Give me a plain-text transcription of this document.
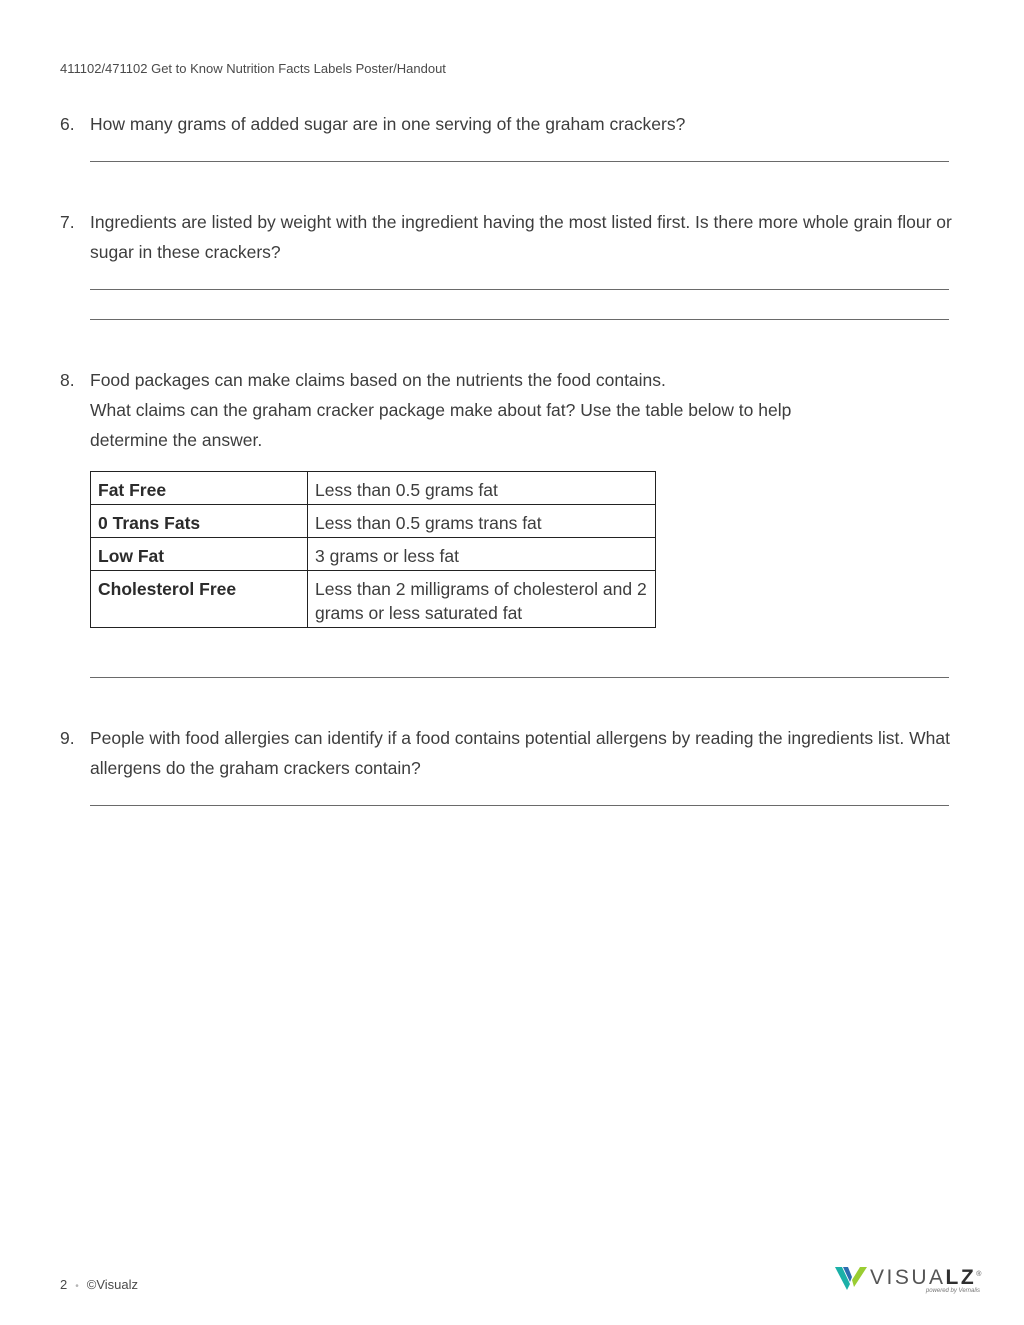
411102/471102 Get to Know Nutrition Facts Labels Poster/Handout
6. How many grams of added sugar are in one serving of the graham crackers?
7. Ingredients are listed by weight with the ingredient having the most listed first. Is there more whole grain flour or sugar in these crackers?
8. Food packages can make claims based on the nutrients the food contains.
What claims can the graham cracker package make about fat? Use the table below to help determine the answer.
Fat Free	Less than 0.5 grams fat
0 Trans Fats	Less than 0.5 grams trans fat
Low Fat	3 grams or less fat
Cholesterol Free	Less than 2 milligrams of cholesterol and 2 grams or less saturated fat
9. People with food allergies can identify if a food contains potential allergens by reading the ingredients list. What allergens do the graham crackers contain?
2 • ©Visualz	VISUALZ®
powered by Vernalis
